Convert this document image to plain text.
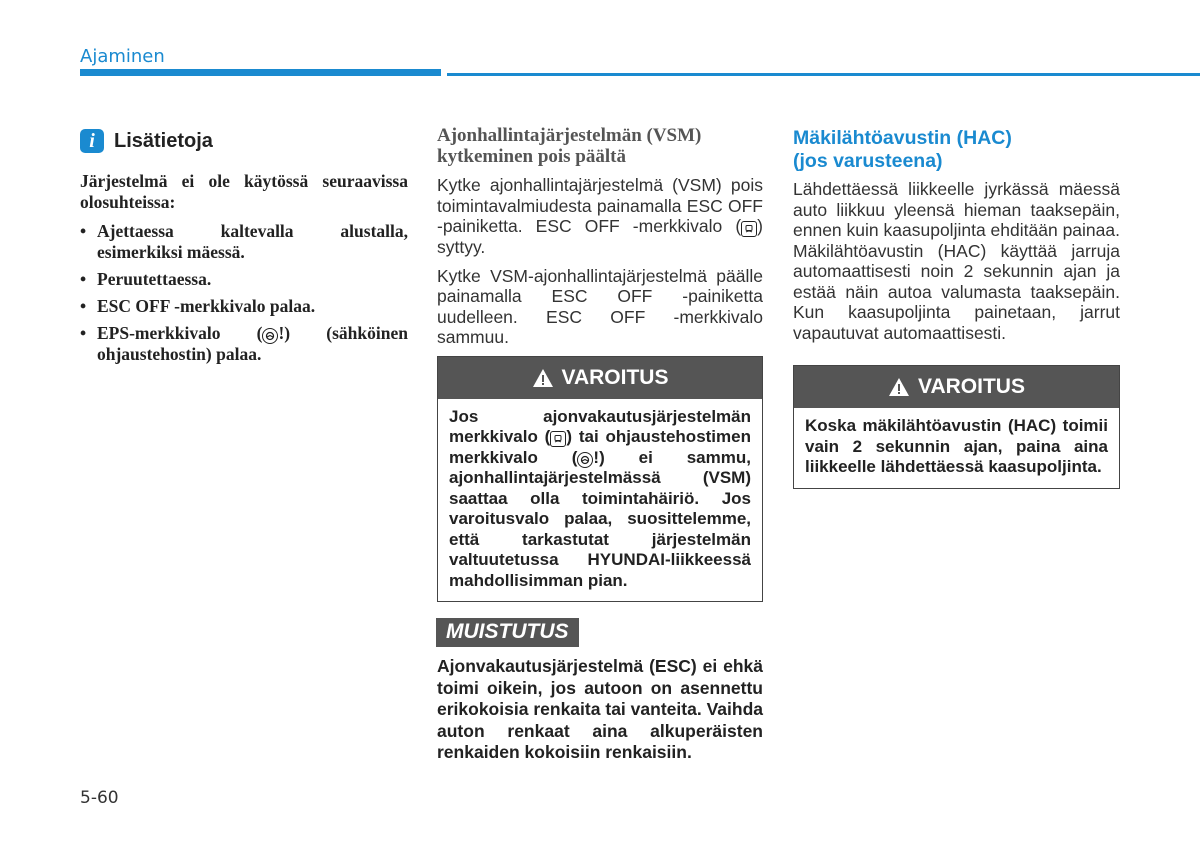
Ajaminen
i Lisätietoja
Järjestelmä ei ole käytössä seuraavissa olosuhteissa:
• Ajettaessa kaltevalla alustalla, esimerkiksi mäessä.
• Peruutettaessa.
• ESC OFF -merkkivalo palaa.
• EPS-merkkivalo ( !) (sähköinen ohjaustehostin) palaa.
Ajonhallintajärjestelmän (VSM) kytkeminen pois päältä

Kytke ajonhallintajärjestelmä (VSM) pois toimintavalmiudesta painamalla ESC OFF -painiketta. ESC OFF -merkkivalo ( ) syttyy.

Kytke VSM-ajonhallintajärjestelmä päälle painamalla ESC OFF -painiketta uudelleen. ESC OFF -merkkivalo sammuu.

VAROITUS
Jos ajonvakautusjärjestelmän merkkivalo ( ) tai ohjaustehostimen merkkivalo ( !) ei sammu, ajonhallintajärjestelmässä (VSM) saattaa olla toimintahäiriö. Jos varoitusvalo palaa, suosittelemme, että tarkastutat järjestelmän valtuutetussa HYUNDAI-liikkeessä mahdollisimman pian.
MUISTUTUS
Ajonvakautusjärjestelmä (ESC) ei ehkä toimi oikein, jos autoon on asennettu erikokoisia renkaita tai vanteita. Vaihda auton renkaat aina alkuperäisten renkaiden kokoisiin renkaisiin.
Mäkilähtöavustin (HAC)
(jos varusteena)
Lähdettäessä liikkeelle jyrkässä mäessä auto liikkuu yleensä hieman taaksepäin, ennen kuin kaasupoljinta ehditään painaa. Mäkilähtöavustin (HAC) käyttää jarruja automaattisesti noin 2 sekunnin ajan ja estää näin autoa valumasta taaksepäin. Kun kaasupoljinta painetaan, jarrut vapautuvat automaattisesti.
VAROITUS
Koska mäkilähtöavustin (HAC) toimii vain 2 sekunnin ajan, paina aina liikkeelle lähdettäessä kaasupoljinta.
5-60
